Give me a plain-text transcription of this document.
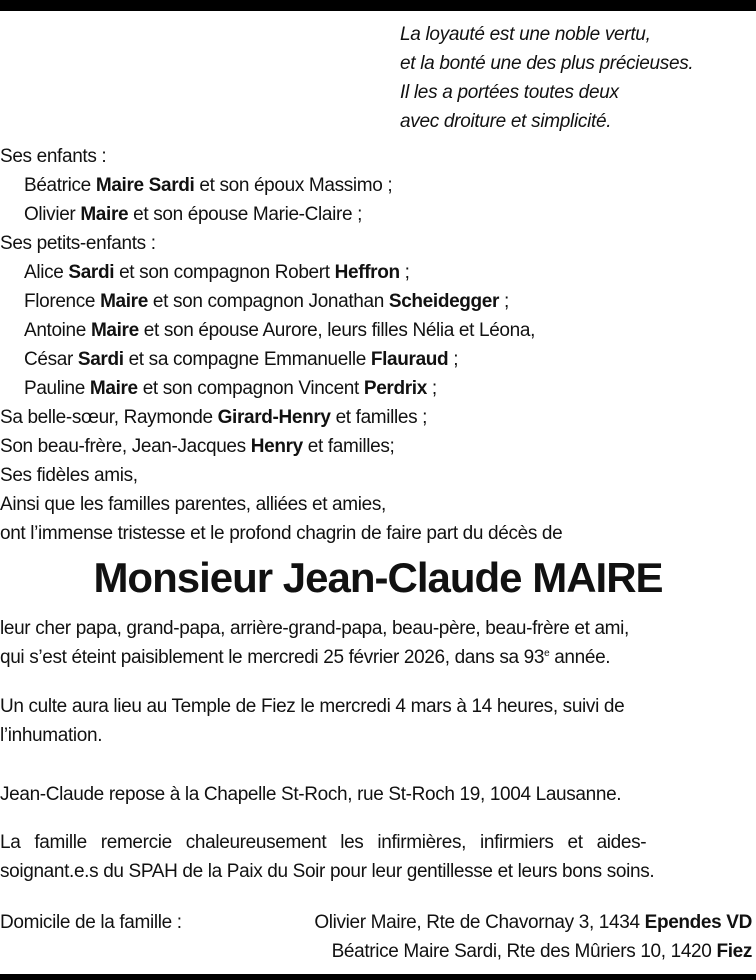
La loyauté est une noble vertu,
et la bonté une des plus précieuses.
Il les a portées toutes deux
avec droiture et simplicité.
Ses enfants :
Béatrice Maire Sardi et son époux Massimo ;
Olivier Maire et son épouse Marie-Claire ;
Ses petits-enfants :
Alice Sardi et son compagnon Robert Heffron ;
Florence Maire et son compagnon Jonathan Scheidegger ;
Antoine Maire et son épouse Aurore, leurs filles Nélia et Léona,
César Sardi et sa compagne Emmanuelle Flauraud ;
Pauline Maire et son compagnon Vincent Perdrix ;
Sa belle-sœur, Raymonde Girard-Henry et familles ;
Son beau-frère, Jean-Jacques Henry et familles;
Ses fidèles amis,
Ainsi que les familles parentes, alliées et amies,
ont l’immense tristesse et le profond chagrin de faire part du décès de
Monsieur Jean-Claude MAIRE
leur cher papa, grand-papa, arrière-grand-papa, beau-père, beau-frère et ami,
qui s’est éteint paisiblement le mercredi 25 février 2026, dans sa 93e année.
Un culte aura lieu au Temple de Fiez le mercredi 4 mars à 14 heures, suivi de
l’inhumation.
Jean-Claude repose à la Chapelle St-Roch, rue St-Roch 19, 1004 Lausanne.
La famille remercie chaleureusement les infirmières, infirmiers et aides-
soignant.e.s du SPAH de la Paix du Soir pour leur gentillesse et leurs bons soins.
Domicile de la famille :	Olivier Maire, Rte de Chavornay 3, 1434 Ependes VD
Béatrice Maire Sardi, Rte des Mûriers 10, 1420 Fiez
